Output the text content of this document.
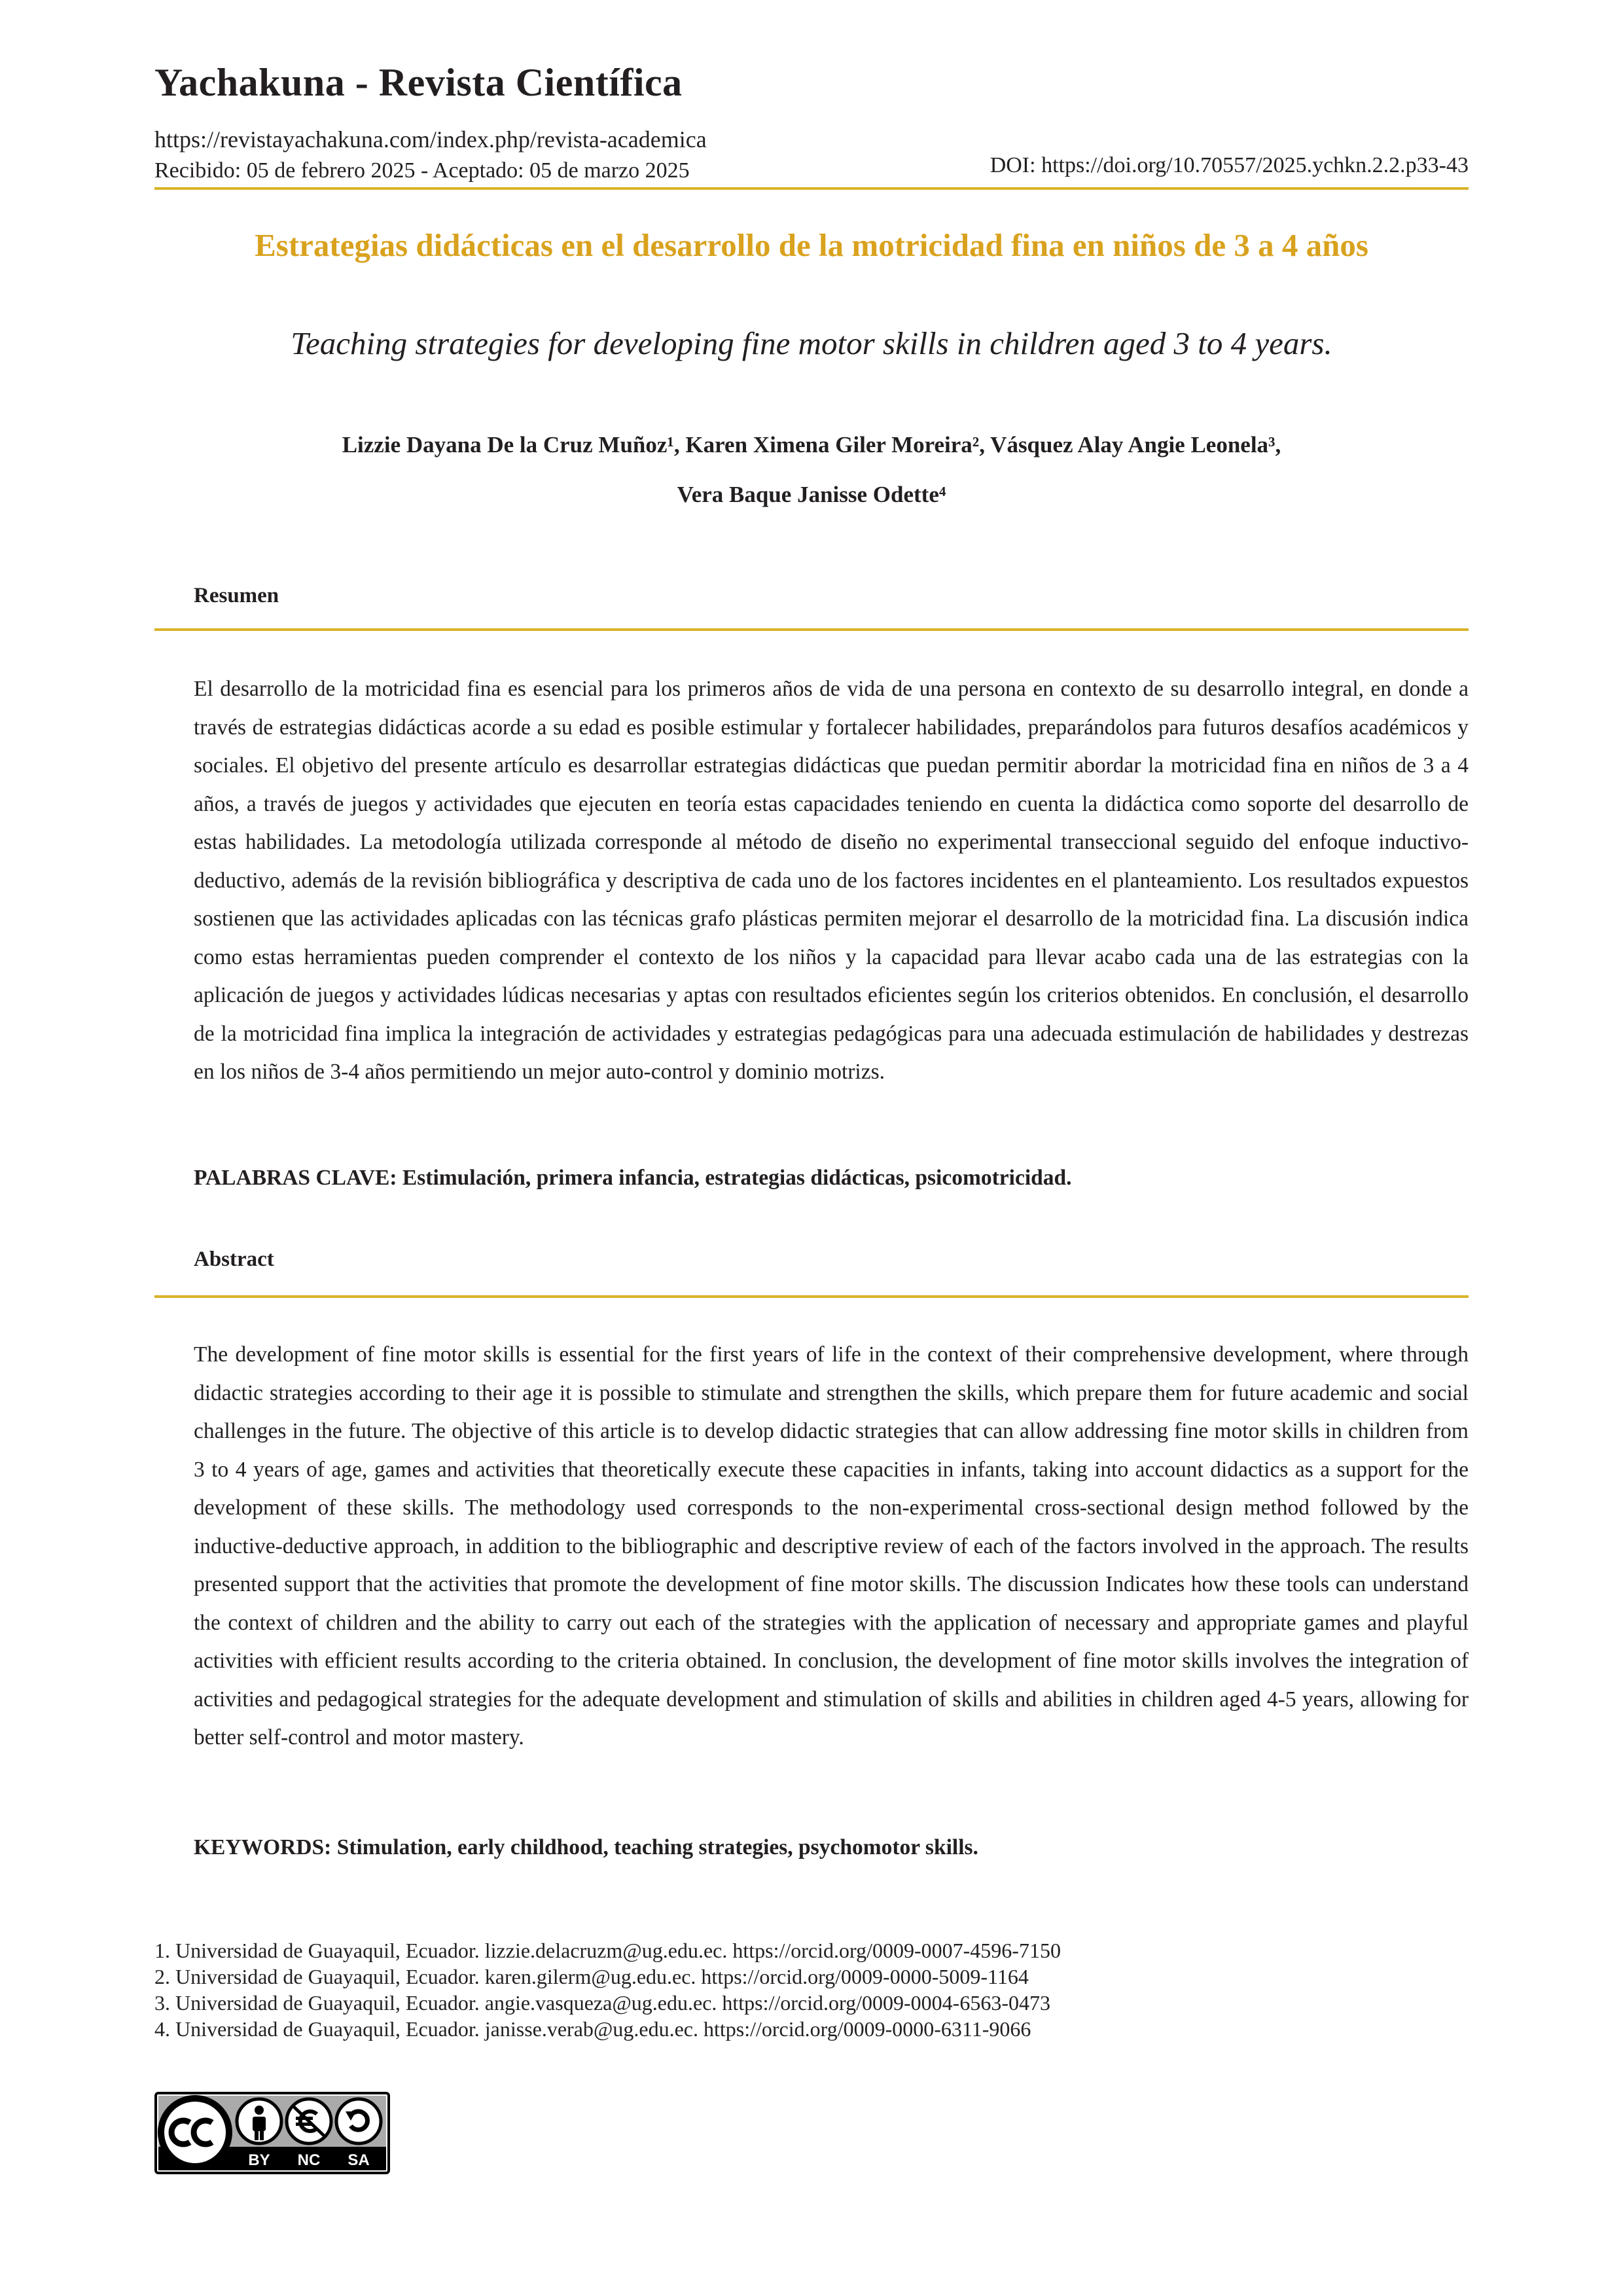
Yachakuna - Revista Científica
https://revistayachakuna.com/index.php/revista-academica
Recibido: 05 de febrero 2025 - Aceptado: 05 de marzo 2025	DOI: https://doi.org/10.70557/2025.ychkn.2.2.p33-43
Estrategias didácticas en el desarrollo de la motricidad fina en niños de 3 a 4 años
Teaching strategies for developing fine motor skills in children aged 3 to 4 years.
Lizzie Dayana De la Cruz Muñoz¹, Karen Ximena Giler Moreira², Vásquez Alay Angie Leonela³,
Vera Baque Janisse Odette⁴
Resumen
El desarrollo de la motricidad fina es esencial para los primeros años de vida de una persona en contexto de su desarrollo integral, en donde a través de estrategias didácticas acorde a su edad es posible estimular y fortalecer habilidades, preparándolos para futuros desafíos académicos y sociales. El objetivo del presente artículo es desarrollar estrategias didácticas que puedan permitir abordar la motricidad fina en niños de 3 a 4 años, a través de juegos y actividades que ejecuten en teoría estas capacidades teniendo en cuenta la didáctica como soporte del desarrollo de estas habilidades. La metodología utilizada corresponde al método de diseño no experimental transeccional seguido del enfoque inductivo-deductivo, además de la revisión bibliográfica y descriptiva de cada uno de los factores incidentes en el planteamiento. Los resultados expuestos sostienen que las actividades aplicadas con las técnicas grafo plásticas permiten mejorar el desarrollo de la motricidad fina. La discusión indica como estas herramientas pueden comprender el contexto de los niños y la capacidad para llevar acabo cada una de las estrategias con la aplicación de juegos y actividades lúdicas necesarias y aptas con resultados eficientes según los criterios obtenidos. En conclusión, el desarrollo de la motricidad fina implica la integración de actividades y estrategias pedagógicas para una adecuada estimulación de habilidades y destrezas en los niños de 3-4 años permitiendo un mejor auto-control y dominio motrizs.
PALABRAS CLAVE: Estimulación, primera infancia, estrategias didácticas, psicomotricidad.
Abstract
The development of fine motor skills is essential for the first years of life in the context of their comprehensive development, where through didactic strategies according to their age it is possible to stimulate and strengthen the skills, which prepare them for future academic and social challenges in the future. The objective of this article is to develop didactic strategies that can allow addressing fine motor skills in children from 3 to 4 years of age, games and activities that theoretically execute these capacities in infants, taking into account didactics as a support for the development of these skills. The methodology used corresponds to the non-experimental cross-sectional design method followed by the inductive-deductive approach, in addition to the bibliographic and descriptive review of each of the factors involved in the approach. The results presented support that the activities that promote the development of fine motor skills. The discussion Indicates how these tools can understand the context of children and the ability to carry out each of the strategies with the application of necessary and appropriate games and playful activities with efficient results according to the criteria obtained. In conclusion, the development of fine motor skills involves the integration of activities and pedagogical strategies for the adequate development and stimulation of skills and abilities in children aged 4-5 years, allowing for better self-control and motor mastery.
KEYWORDS: Stimulation, early childhood, teaching strategies, psychomotor skills.
1. Universidad de Guayaquil, Ecuador. lizzie.delacruzm@ug.edu.ec. https://orcid.org/0009-0007-4596-7150
2. Universidad de Guayaquil, Ecuador. karen.gilerm@ug.edu.ec. https://orcid.org/0009-0000-5009-1164
3. Universidad de Guayaquil, Ecuador. angie.vasqueza@ug.edu.ec. https://orcid.org/0009-0004-6563-0473
4. Universidad de Guayaquil, Ecuador. janisse.verab@ug.edu.ec. https://orcid.org/0009-0000-6311-9066
BY NC SA
